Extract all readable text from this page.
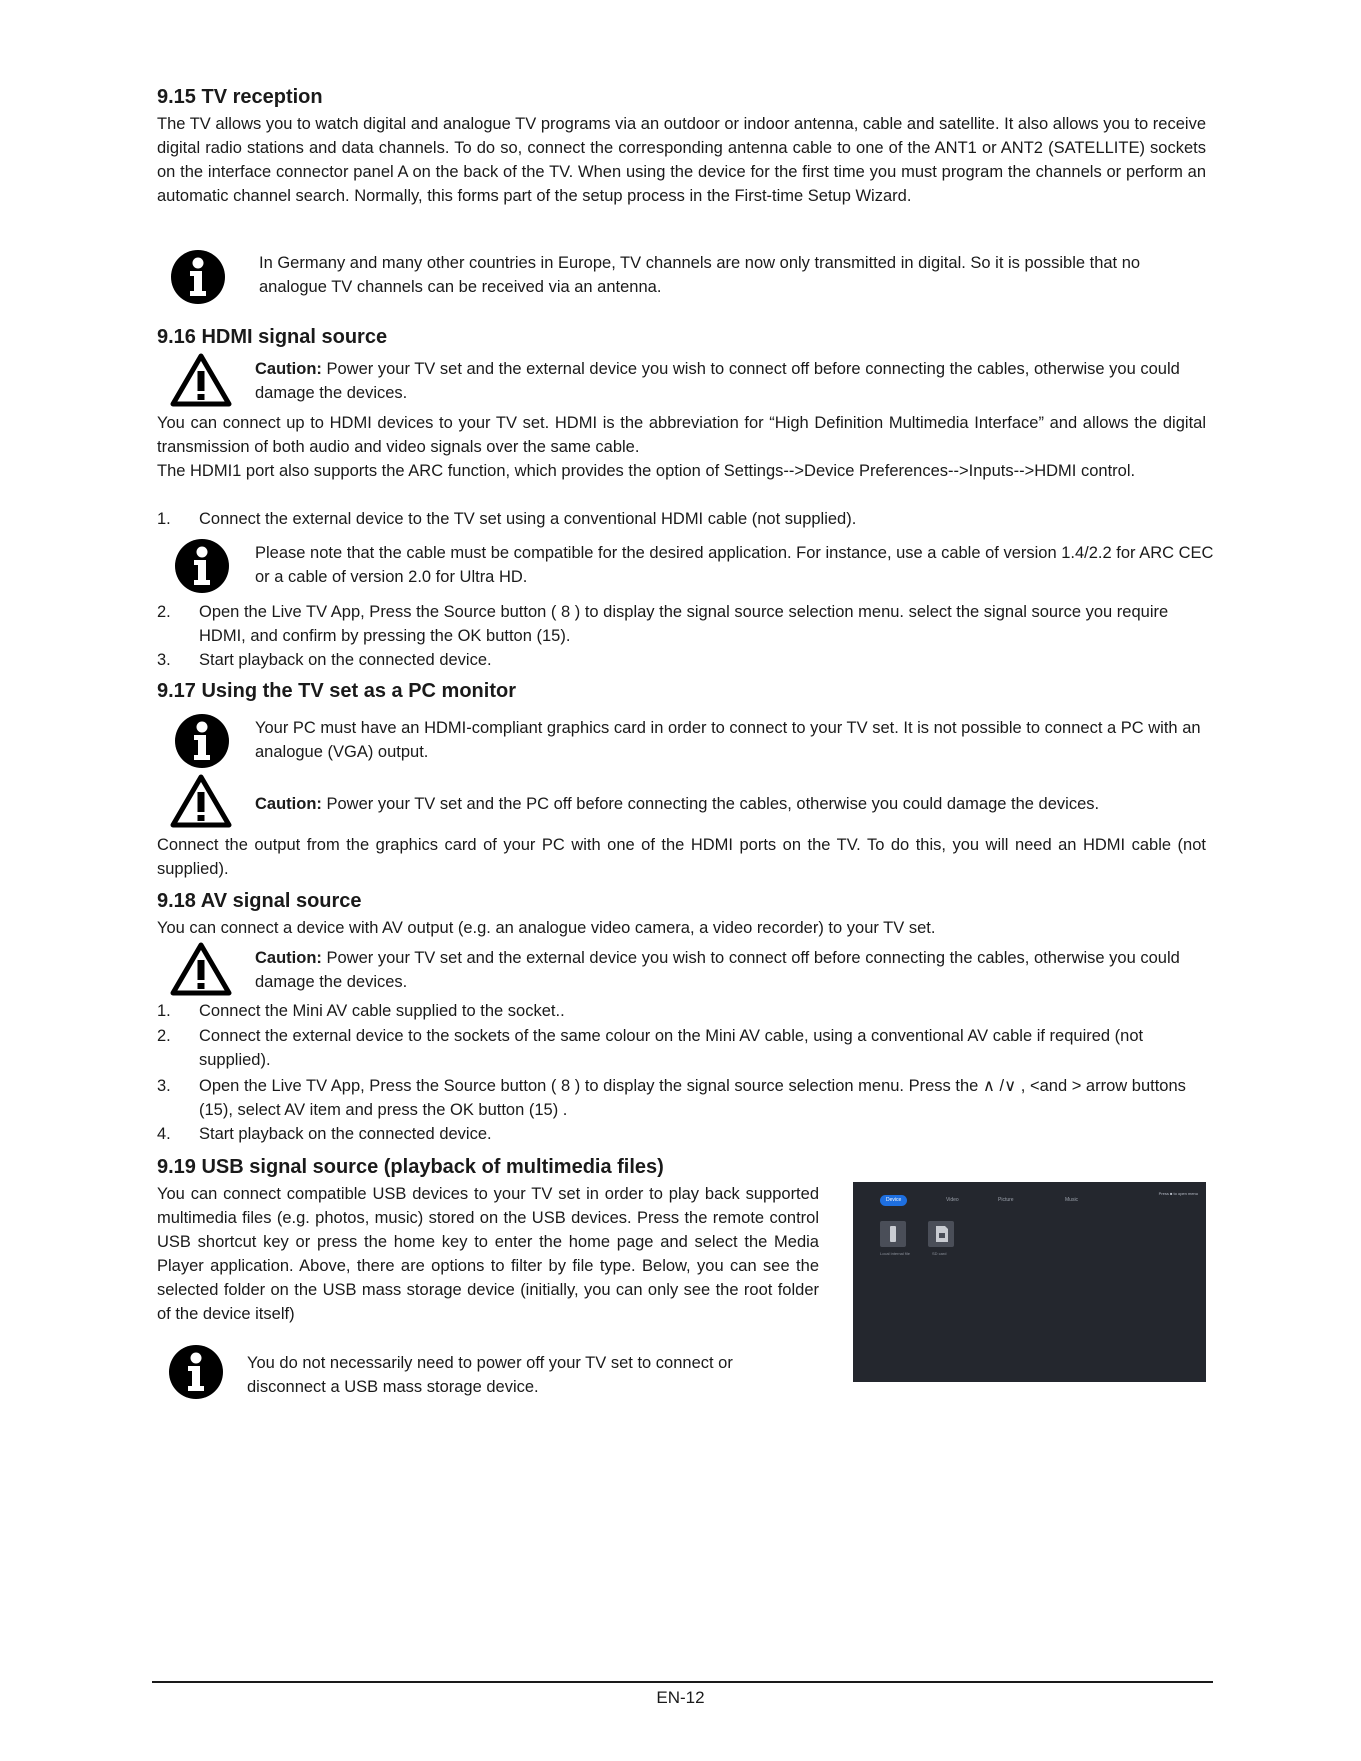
9.15 TV reception

The TV allows you to watch digital and analogue TV programs via an outdoor or indoor antenna, cable and satellite. It also allows you to receive digital radio stations and data channels. To do so, connect the corresponding antenna cable to one of the ANT1 or ANT2 (SATELLITE) sockets on the interface connector panel A on the back of the TV. When using the device for the first time you must program the channels or perform an automatic channel search. Normally, this forms part of the setup process in the First-time Setup Wizard.

In Germany and many other countries in Europe, TV channels are now only transmitted in digital. So it is possible that no analogue TV channels can be received via an antenna.

9.16 HDMI signal source

Caution: Power your TV set and the external device you wish to connect off before connecting the cables, otherwise you could damage the devices.

You can connect up to HDMI devices to your TV set. HDMI is the abbreviation for “High Definition Multimedia Interface” and allows the digital transmission of both audio and video signals over the same cable.

The HDMI1 port also supports the ARC function, which provides the option of Settings-->Device Preferences-->Inputs-->HDMI control.

1. Connect the external device to the TV set using a conventional HDMI cable (not supplied).

Please note that the cable must be compatible for the desired application. For instance, use a cable of version 1.4/2.2 for ARC CEC or a cable of version 2.0 for Ultra HD.

2. Open the Live TV App, Press the Source button ( 8 ) to display the signal source selection menu. select the signal source you require HDMI, and confirm by pressing the OK button (15).

3. Start playback on the connected device.

9.17 Using the TV set as a PC monitor

Your PC must have an HDMI-compliant graphics card in order to connect to your TV set. It is not possible to connect a PC with an analogue (VGA) output.

Caution: Power your TV set and the PC off before connecting the cables, otherwise you could damage the devices.

Connect the output from the graphics card of your PC with one of the HDMI ports on the TV. To do this, you will need an HDMI cable (not supplied).

9.18 AV signal source

You can connect a device with AV output (e.g. an analogue video camera, a video recorder) to your TV set.

Caution: Power your TV set and the external device you wish to connect off before connecting the cables, otherwise you could damage the devices.

1. Connect the Mini AV cable supplied to the socket..

2. Connect the external device to the sockets of the same colour on the Mini AV cable, using a conventional AV cable if required (not supplied).

3. Open the Live TV App, Press the Source button ( 8 ) to display the signal source selection menu. Press the ∧ /∨ , <and > arrow buttons (15), select AV item and press the OK button (15) .

4. Start playback on the connected device.

9.19 USB signal source (playback of multimedia files)

You can connect compatible USB devices to your TV set in order to play back supported multimedia files (e.g. photos, music) stored on the USB devices. Press the remote control USB shortcut key or press the home key to enter the home page and select the Media Player application. Above, there are options to filter by file type. Below, you can see the selected folder on the USB mass storage device (initially, you can only see the root folder of the device itself)

You do not necessarily need to power off your TV set to connect or disconnect a USB mass storage device.

Device	Video	Picture	Music
Press ■ to open menu
Local internal file	SD card
EN-12
